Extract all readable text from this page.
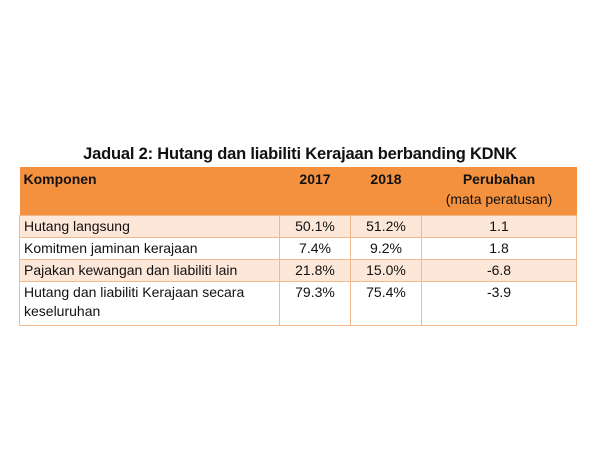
Jadual 2: Hutang dan liabiliti Kerajaan berbanding KDNK
Komponen	2017	2018	Perubahan
(mata peratusan)

Hutang langsung	50.1%	51.2%	1.1
Komitmen jaminan kerajaan	7.4%	9.2%	1.8
Pajakan kewangan dan liabiliti lain	21.8%	15.0%	-6.8
Hutang dan liabiliti Kerajaan secara keseluruhan	79.3%	75.4%	-3.9
